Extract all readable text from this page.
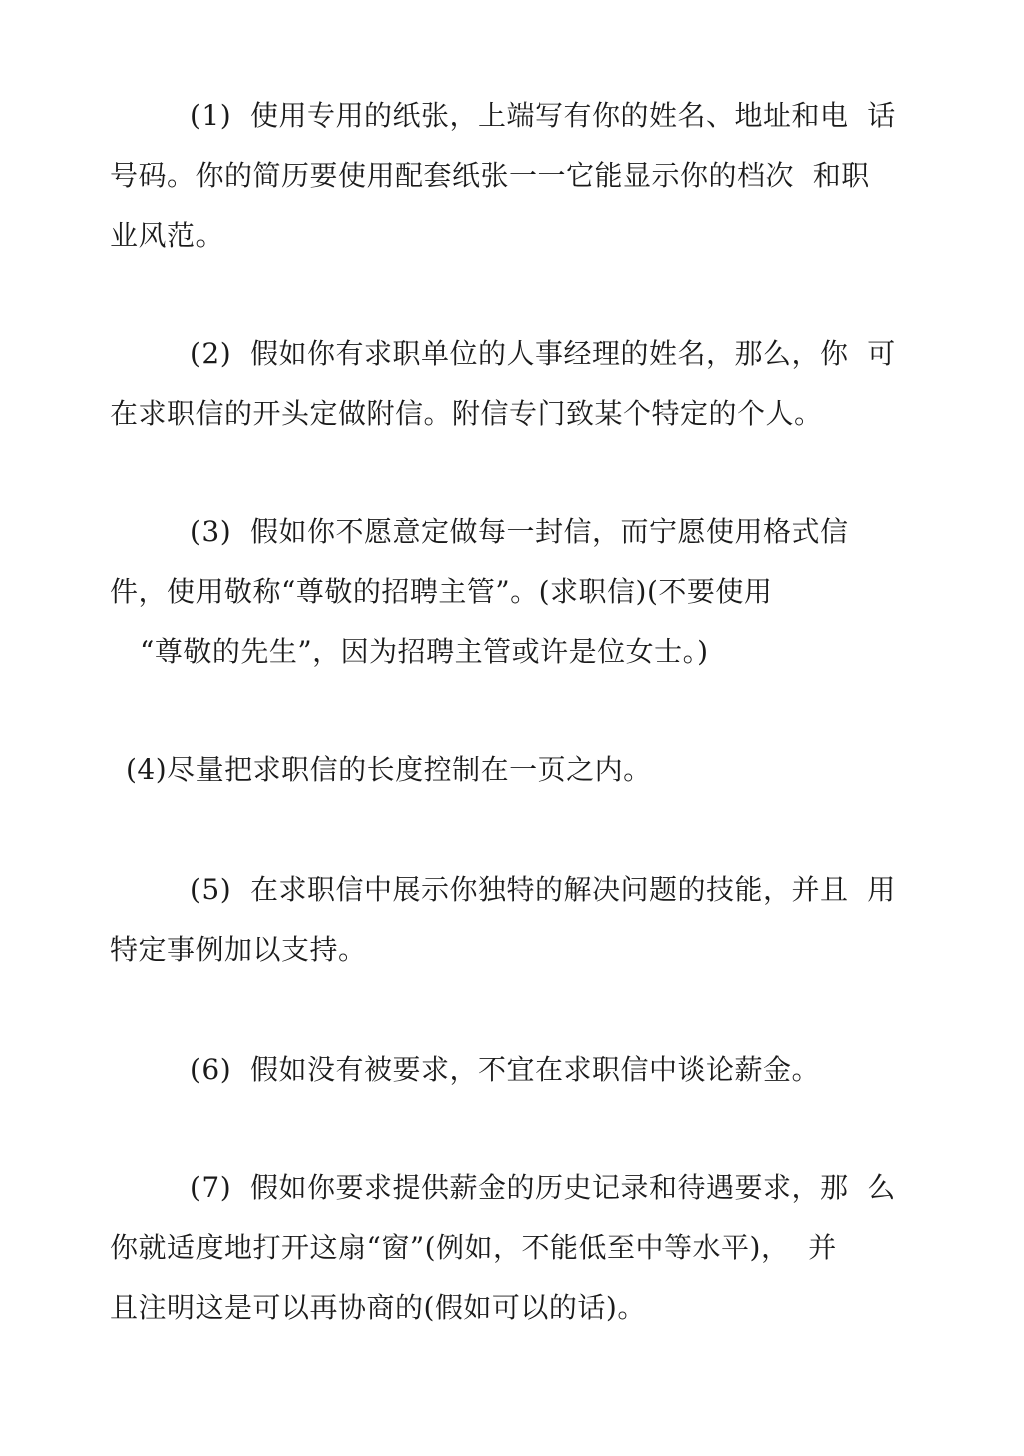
(1)  使用专用的纸张，上端写有你的姓名、地址和电  话
号码。你的简历要使用配套纸张一一它能显示你的档次  和职
业风范。
(2)  假如你有求职单位的人事经理的姓名，那么，你  可
在求职信的开头定做附信。附信专门致某个特定的个人。
(3)  假如你不愿意定做每一封信，而宁愿使用格式信
件，使用敬称“尊敬的招聘主管”。(求职信)(不要使用
“尊敬的先生”，因为招聘主管或许是位女士。)
(4)尽量把求职信的长度控制在一页之内。
(5)  在求职信中展示你独特的解决问题的技能，并且  用
特定事例加以支持。
(6)  假如没有被要求，不宜在求职信中谈论薪金。
(7)  假如你要求提供薪金的历史记录和待遇要求，那  么
你就适度地打开这扇“窗”(例如，不能低至中等水平)，  并
且注明这是可以再协商的(假如可以的话)。
